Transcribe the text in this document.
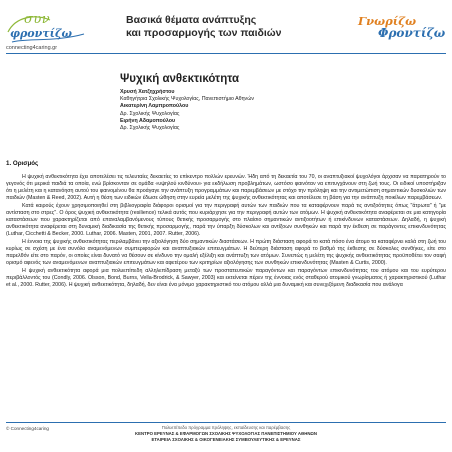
συν
φροντίζω
Βασικά θέματα ανάπτυξης
και προσαρμογής των παιδιών
Γνωρίζω
Φροντίζω
connecting4caring.gr
Ψυχική ανθεκτικότητα
Χρυσή Χατζηχρήστου
Καθηγήτρια Σχολικής Ψυχολογίας, Πανεπιστήμιο Αθηνών
Αικατερίνη Λαμπροπούλου
Δρ. Σχολικής Ψυχολογίας
Ειρήνη Αδαμοπούλου
Δρ. Σχολικής Ψυχολογίας
1. Ορισμός

Η ψυχική ανθεκτικότητα έχει αποτελέσει τις τελευταίες δεκαετίες το επίκεντρο πολλών ερευνών. Ήδη από τη δεκαετία του 70, οι αναπτυξιακοί ψυχολόγοι άρχισαν να παρατηρούν το γεγονός ότι μερικά παιδιά τα οποία, ενώ βρίσκονταν σε ομάδα «υψηλού κινδύνου» για εκδήλωση προβλημάτων, ωστόσο φαινόταν να επιτυγχάνουν στη ζωή τους. Οι ειδικοί υποστήριξαν ότι η μελέτη και η κατανόηση αυτού του φαινομένου θα προάγαγε την ανάπτυξη προγραμμάτων και παρεμβάσεων με στόχο την πρόληψη και την αντιμετώπιση σημαντικών δυσκολιών των παιδιών (Masten & Reed, 2002). Αυτή η θέση των ειδικών έδωσε ώθηση στην ευρεία μελέτη της ψυχικής ανθεκτικότητας και αποτέλεσε τη βάση για την ανάπτυξη ποικίλων παρεμβάσεων.

Κατά καιρούς έχουν χρησιμοποιηθεί στη βιβλιογραφία διάφοροι ορισμοί για την περιγραφή αυτών των παιδιών που τα καταφέρνουν παρά τις αντιξοότητες όπως "άτρωτα" ή "με αντίσταση στο στρες". Ο όρος ψυχική ανθεκτικότητα (resilience) τελικά αυτός που κυριάρχησε για την περιγραφή αυτών των ατόμων. Η ψυχική ανθεκτικότητα αναφέρεται σε μια κατηγορία καταστάσεων που χαρακτηρίζεται από επαναλαμβανόμενους τύπους θετικής προσαρμογής στο πλαίσιο σημαντικών αντιξοοτήτων ή επικίνδυνων καταστάσεων. Δηλαδή, η ψυχική ανθεκτικότητα αναφέρεται στη δυναμική διαδικασία της θετικής προσαρμογής, παρά την ύπαρξη δύσκολων και αντίξοων συνθηκών και παρά την έκθεση σε παράγοντες επικινδυνότητας (Luthar, Cicchetti & Becker, 2000. Luthar, 2006. Masten, 2001, 2007. Rutter, 2006).

Η έννοια της ψυχικής ανθεκτικότητας περιλαμβάνει την αξιολόγηση δύο σημαντικών διαστάσεων. Η πρώτη διάσταση αφορά το κατά πόσο ένα άτομο τα καταφέρνει καλά στη ζωή του κυρίως σε σχέση με ένα συνόλο αναμενόμενων συμπεριφορών και αναπτυξιακών επιτευγμάτων. Η δεύτερη διάσταση αφορά το βαθμό της έκθεσης σε δύσκολες συνθήκες, είτε στο παρελθόν είτε στο παρόν, οι οποίες είναι δυνατό να θέσουν σε κίνδυνο την ομαλή εξέλιξη και ανάπτυξη των ατόμων. Συνεπώς η μελέτη της ψυχικής ανθεκτικότητας προϋποθέτει τον σαφή ορισμό αφενός των αναμενόμενων αναπτυξιακών επιτευγμάτων και αφετέρου των κριτηρίων αξιολόγησης των συνθηκών επικινδυνότητας (Masten & Curtis, 2000).

Η ψυχική ανθεκτικότητα αφορά μια πολυεπίπεδη αλληλεπίδραση μεταξύ των προστατευτικών παραγόντων και παραγόντων επικινδυνότητας του ατόμου και του ευρύτερου περιβάλλοντός του (Condly, 2006. Olsson, Bond, Burns, Vella-Brodrick, & Sawyer, 2003) και εκτείνεται πέρεν της έννοιας ενός σταθερού ατομικού γνωρίσματος ή χαρακτηριστικού (Luthar et al., 2000. Rutter, 2006). Η ψυχική ανθεκτικότητα, δηλαδή, δεν είναι ένα μόνιμο χαρακτηριστικό του ατόμου αλλά μια δυναμική και συνεχιζόμενη διαδικασία που ανάλογα

© Connecting4caring	Πολυεπίπεδο πρόγραμμα πρόληψης, εκπαίδευσης και παρέμβασης
ΚΕΝΤΡΟ ΕΡΕΥΝΑΣ & ΕΦΑΡΜΟΓΩΝ ΣΧΟΛΙΚΗΣ ΨΥΧΟΛΟΓΙΑΣ ΠΑΝΕΠΙΣΤΗΜΙΟΥ ΑΘΗΝΩΝ
ΕΤΑΙΡΕΙΑ ΣΧΟΛΙΚΗΣ & ΟΙΚΟΓΕΝΕΙΑΚΗΣ ΣΥΜΒΟΥΛΕΥΤΙΚΗΣ & ΕΡΕΥΝΑΣ
